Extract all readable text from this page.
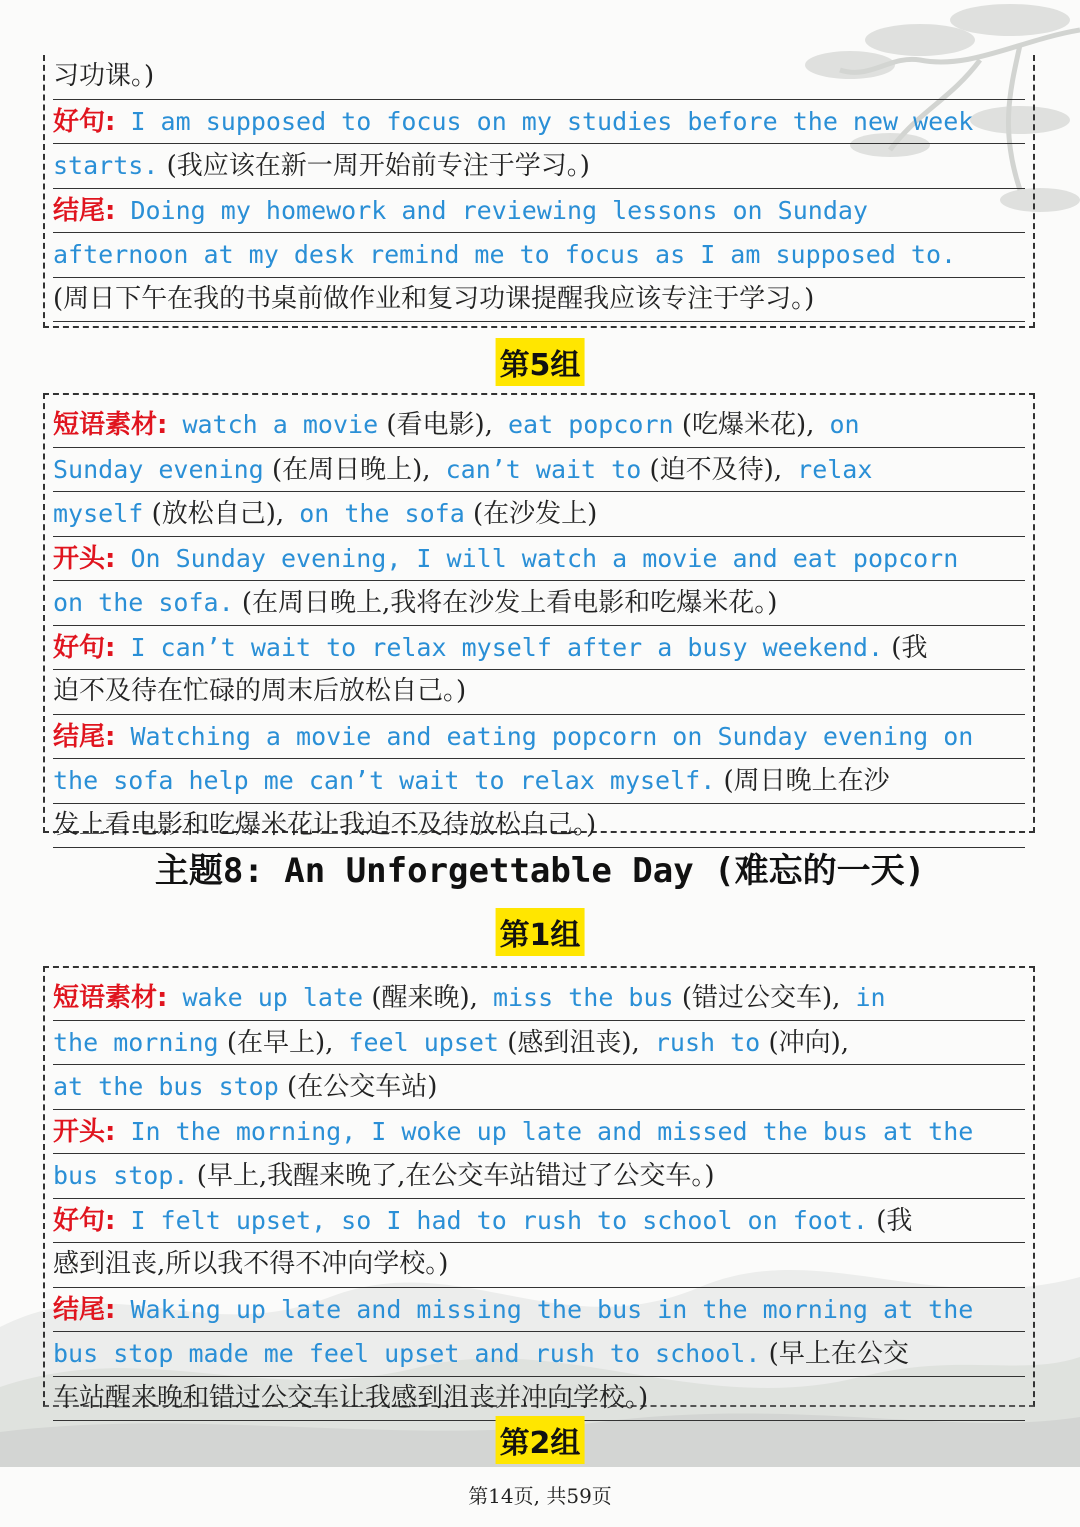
习功课。)
好句: I am supposed to focus on my studies before the new week
starts. (我应该在新一周开始前专注于学习。)
结尾: Doing my homework and reviewing lessons on Sunday
afternoon at my desk remind me to focus as I am supposed to.
(周日下午在我的书桌前做作业和复习功课提醒我应该专注于学习。)
第5组
短语素材: watch a movie (看电影), eat popcorn (吃爆米花), on
Sunday evening (在周日晚上), can’t wait to (迫不及待), relax
myself (放松自己), on the sofa (在沙发上)
开头: On Sunday evening, I will watch a movie and eat popcorn
on the sofa. (在周日晚上,我将在沙发上看电影和吃爆米花。)
好句: I can’t wait to relax myself after a busy weekend. (我
迫不及待在忙碌的周末后放松自己。)
结尾: Watching a movie and eating popcorn on Sunday evening on
the sofa help me can’t wait to relax myself. (周日晚上在沙
发上看电影和吃爆米花让我迫不及待放松自己。)
主题8: An Unforgettable Day (难忘的一天)
第1组
短语素材: wake up late (醒来晚), miss the bus (错过公交车), in
the morning (在早上), feel upset (感到沮丧), rush to (冲向),
at the bus stop (在公交车站)
开头: In the morning, I woke up late and missed the bus at the
bus stop. (早上,我醒来晚了,在公交车站错过了公交车。)
好句: I felt upset, so I had to rush to school on foot. (我
感到沮丧,所以我不得不冲向学校。)
结尾: Waking up late and missing the bus in the morning at the
bus stop made me feel upset and rush to school. (早上在公交
车站醒来晚和错过公交车让我感到沮丧并冲向学校。)
第2组
第14页, 共59页
